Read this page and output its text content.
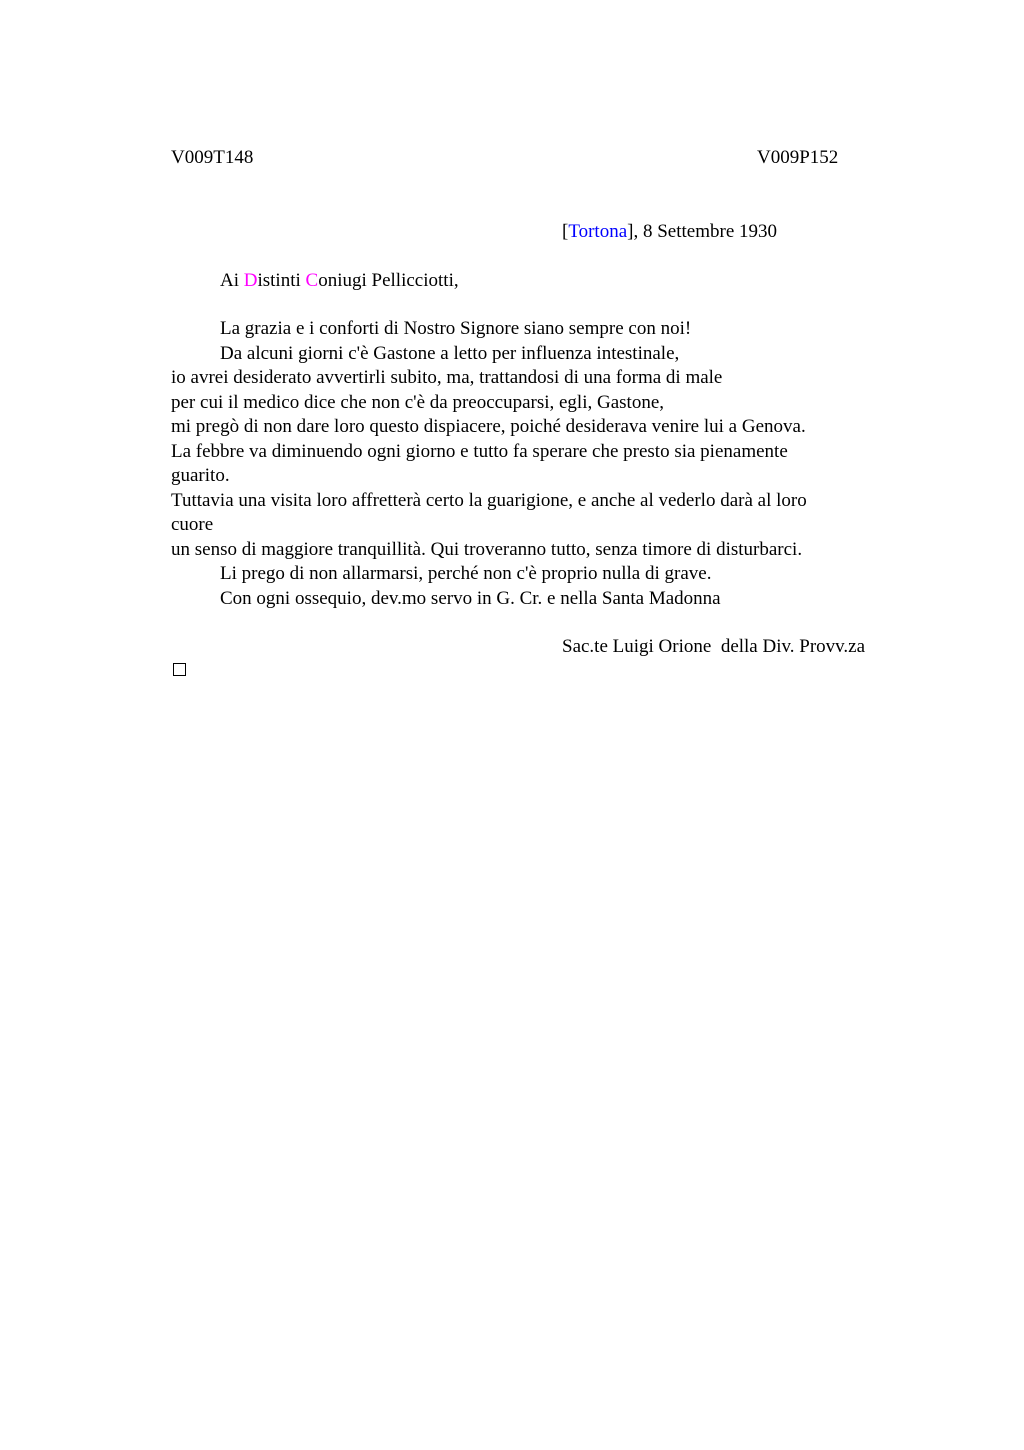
V009T148	V009P152
[Tortona], 8 Settembre 1930
Ai Distinti Coniugi Pellicciotti,
La grazia e i conforti di Nostro Signore siano sempre con noi!
Da alcuni giorni c'è Gastone a letto per influenza intestinale,
io avrei desiderato avvertirli subito, ma, trattandosi di una forma di male
per cui il medico dice che non c'è da preoccuparsi, egli, Gastone,
mi pregò di non dare loro questo dispiacere, poiché desiderava venire lui a Genova.
La febbre va diminuendo ogni giorno e tutto fa sperare che presto sia pienamente
guarito.
Tuttavia una visita loro affretterà certo la guarigione, e anche al vederlo darà al loro
cuore
un senso di maggiore tranquillità. Qui troveranno tutto, senza timore di disturbarci.
Li prego di non allarmarsi, perché non c'è proprio nulla di grave.
Con ogni ossequio, dev.mo servo in G. Cr. e nella Santa Madonna
Sac.te Luigi Orione  della Div. Provv.za
